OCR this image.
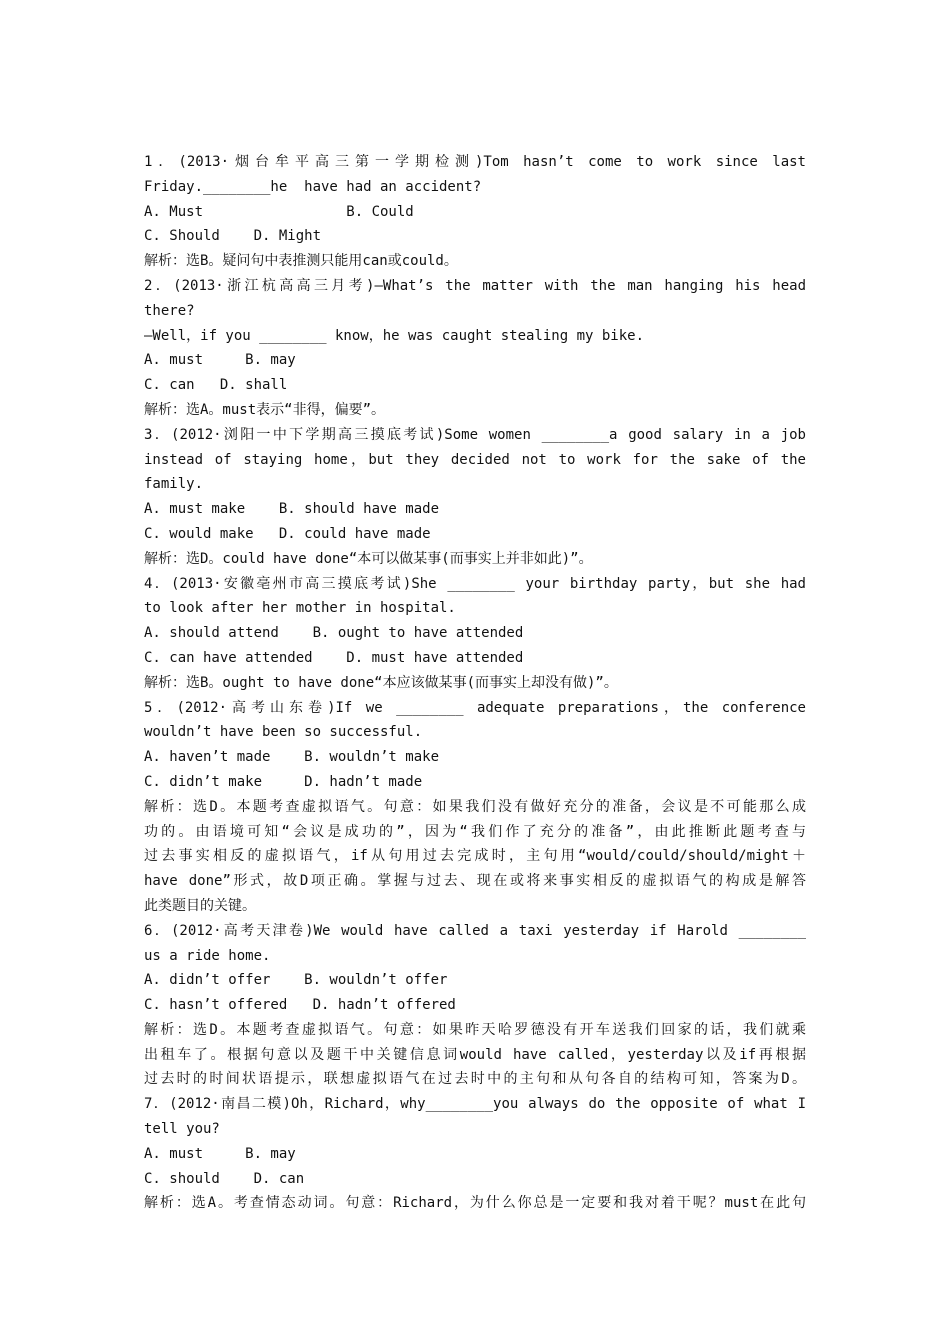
1．(2013·烟台牟平高三第一学期检测)Tom hasn’t come to work since last
Friday.________he  have had an accident?
A. Must                 B. Could
C. Should    D. Might
解析：选B。疑问句中表推测只能用can或could。
2．(2013·浙江杭高高三月考)—What’s the matter with the man hanging his head
there?
—Well，if you ________ know，he was caught stealing my bike.
A. must     B. may
C. can   D. shall
解析：选A。must表示“非得，偏要”。
3．(2012·浏阳一中下学期高三摸底考试)Some women ________a good salary in a job
instead of staying home，but they decided not to work for the sake of the
family.
A. must make    B. should have made
C. would make   D. could have made
解析：选D。could have done“本可以做某事(而事实上并非如此)”。
4．(2013·安徽亳州市高三摸底考试)She ________ your birthday party，but she had
to look after her mother in hospital.
A. should attend    B. ought to have attended
C. can have attended    D. must have attended
解析：选B。ought to have done“本应该做某事(而事实上却没有做)”。
5．(2012·高考山东卷)If we ________ adequate preparations，the conference
wouldn’t have been so successful.
A. haven’t made    B. wouldn’t make
C. didn’t make     D. hadn’t made
解析：选D。本题考查虚拟语气。句意：如果我们没有做好充分的准备，会议是不可能那么成
功的。由语境可知“会议是成功的”，因为“我们作了充分的准备”，由此推断此题考查与
过去事实相反的虚拟语气，if从句用过去完成时，主句用“would/could/should/might＋
have done”形式，故D项正确。掌握与过去、现在或将来事实相反的虚拟语气的构成是解答
此类题目的关键。
6．(2012·高考天津卷)We would have called a taxi yesterday if Harold ________
us a ride home.
A. didn’t offer    B. wouldn’t offer
C. hasn’t offered   D. hadn’t offered
解析：选D。本题考查虚拟语气。句意：如果昨天哈罗德没有开车送我们回家的话，我们就乘
出租车了。根据句意以及题干中关键信息词would have called，yesterday以及if再根据
过去时的时间状语提示，联想虚拟语气在过去时中的主句和从句各自的结构可知，答案为D。
7．(2012·南昌二模)Oh，Richard，why________you always do the opposite of what I
tell you?
A. must     B. may
C. should    D. can
解析：选A。考查情态动词。句意：Richard，为什么你总是一定要和我对着干呢？must在此句
